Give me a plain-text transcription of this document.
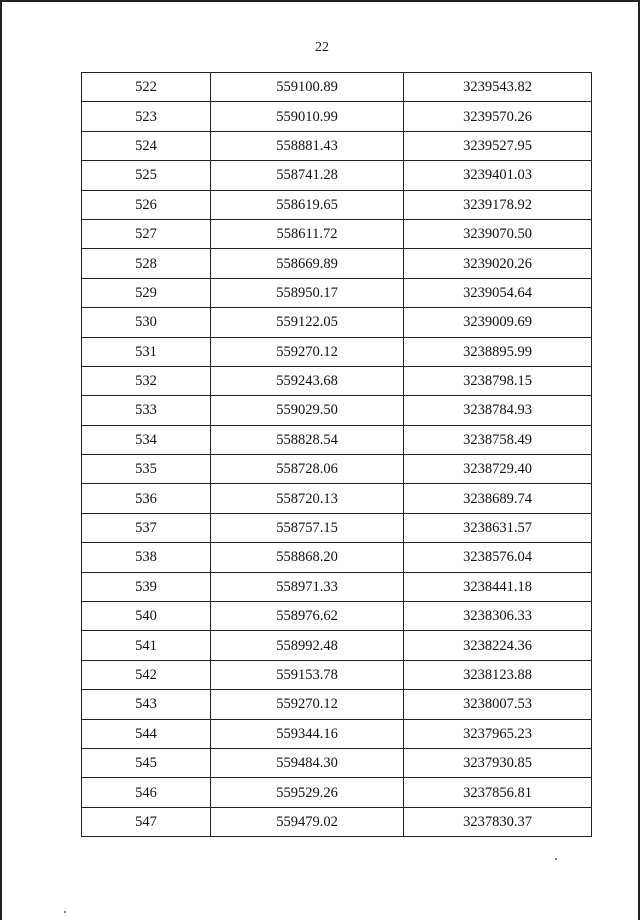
22
522	559100.89	3239543.82
523	559010.99	3239570.26
524	558881.43	3239527.95
525	558741.28	3239401.03
526	558619.65	3239178.92
527	558611.72	3239070.50
528	558669.89	3239020.26
529	558950.17	3239054.64
530	559122.05	3239009.69
531	559270.12	3238895.99
532	559243.68	3238798.15
533	559029.50	3238784.93
534	558828.54	3238758.49
535	558728.06	3238729.40
536	558720.13	3238689.74
537	558757.15	3238631.57
538	558868.20	3238576.04
539	558971.33	3238441.18
540	558976.62	3238306.33
541	558992.48	3238224.36
542	559153.78	3238123.88
543	559270.12	3238007.53
544	559344.16	3237965.23
545	559484.30	3237930.85
546	559529.26	3237856.81
547	559479.02	3237830.37
